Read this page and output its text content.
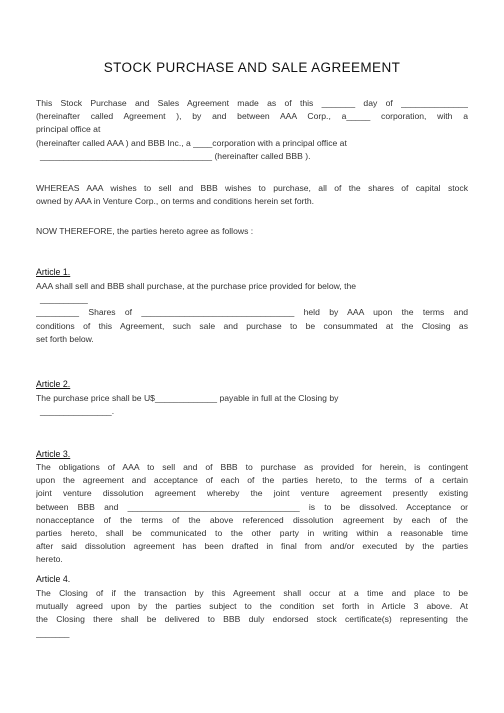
STOCK PURCHASE AND SALE AGREEMENT
This Stock Purchase and Sales Agreement made as of this _______ day of ______________
(hereinafter called Agreement ), by and between AAA Corp., a_____ corporation, with a
principal office at
(hereinafter called AAA ) and BBB Inc., a ____corporation with a principal office at
____________________________________ (hereinafter called BBB ).
WHEREAS AAA wishes to sell and BBB wishes to purchase, all of the shares of capital stock
owned by AAA in Venture Corp., on terms and conditions herein set forth.
NOW THEREFORE, the parties hereto agree as follows :
Article 1.
AAA shall sell and BBB shall purchase, at the purchase price provided for below, the
__________
_________ Shares of ________________________________ held by AAA upon the terms and
conditions of this Agreement, such sale and purchase to be consummated at the Closing as
set forth below.
Article 2.
The purchase price shall be U$_____________ payable in full at the Closing by
_______________.
Article 3.
The obligations of AAA to sell and of BBB to purchase as provided for herein, is contingent
upon the agreement and acceptance of each of the parties hereto, to the terms of a certain
joint venture dissolution agreement whereby the joint venture agreement presently existing
between BBB and ____________________________________ is to be dissolved. Acceptance or
nonacceptance of the terms of the above referenced dissolution agreement by each of the
parties hereto, shall be communicated to the other party in writing within a reasonable time
after said dissolution agreement has been drafted in final from and/or executed by the parties
hereto.
Article 4.
The Closing of if the transaction by this Agreement shall occur at a time and place to be
mutually agreed upon by the parties subject to the condition set forth in Article 3 above. At
the Closing there shall be delivered to BBB duly endorsed stock certificate(s) representing the
_______
